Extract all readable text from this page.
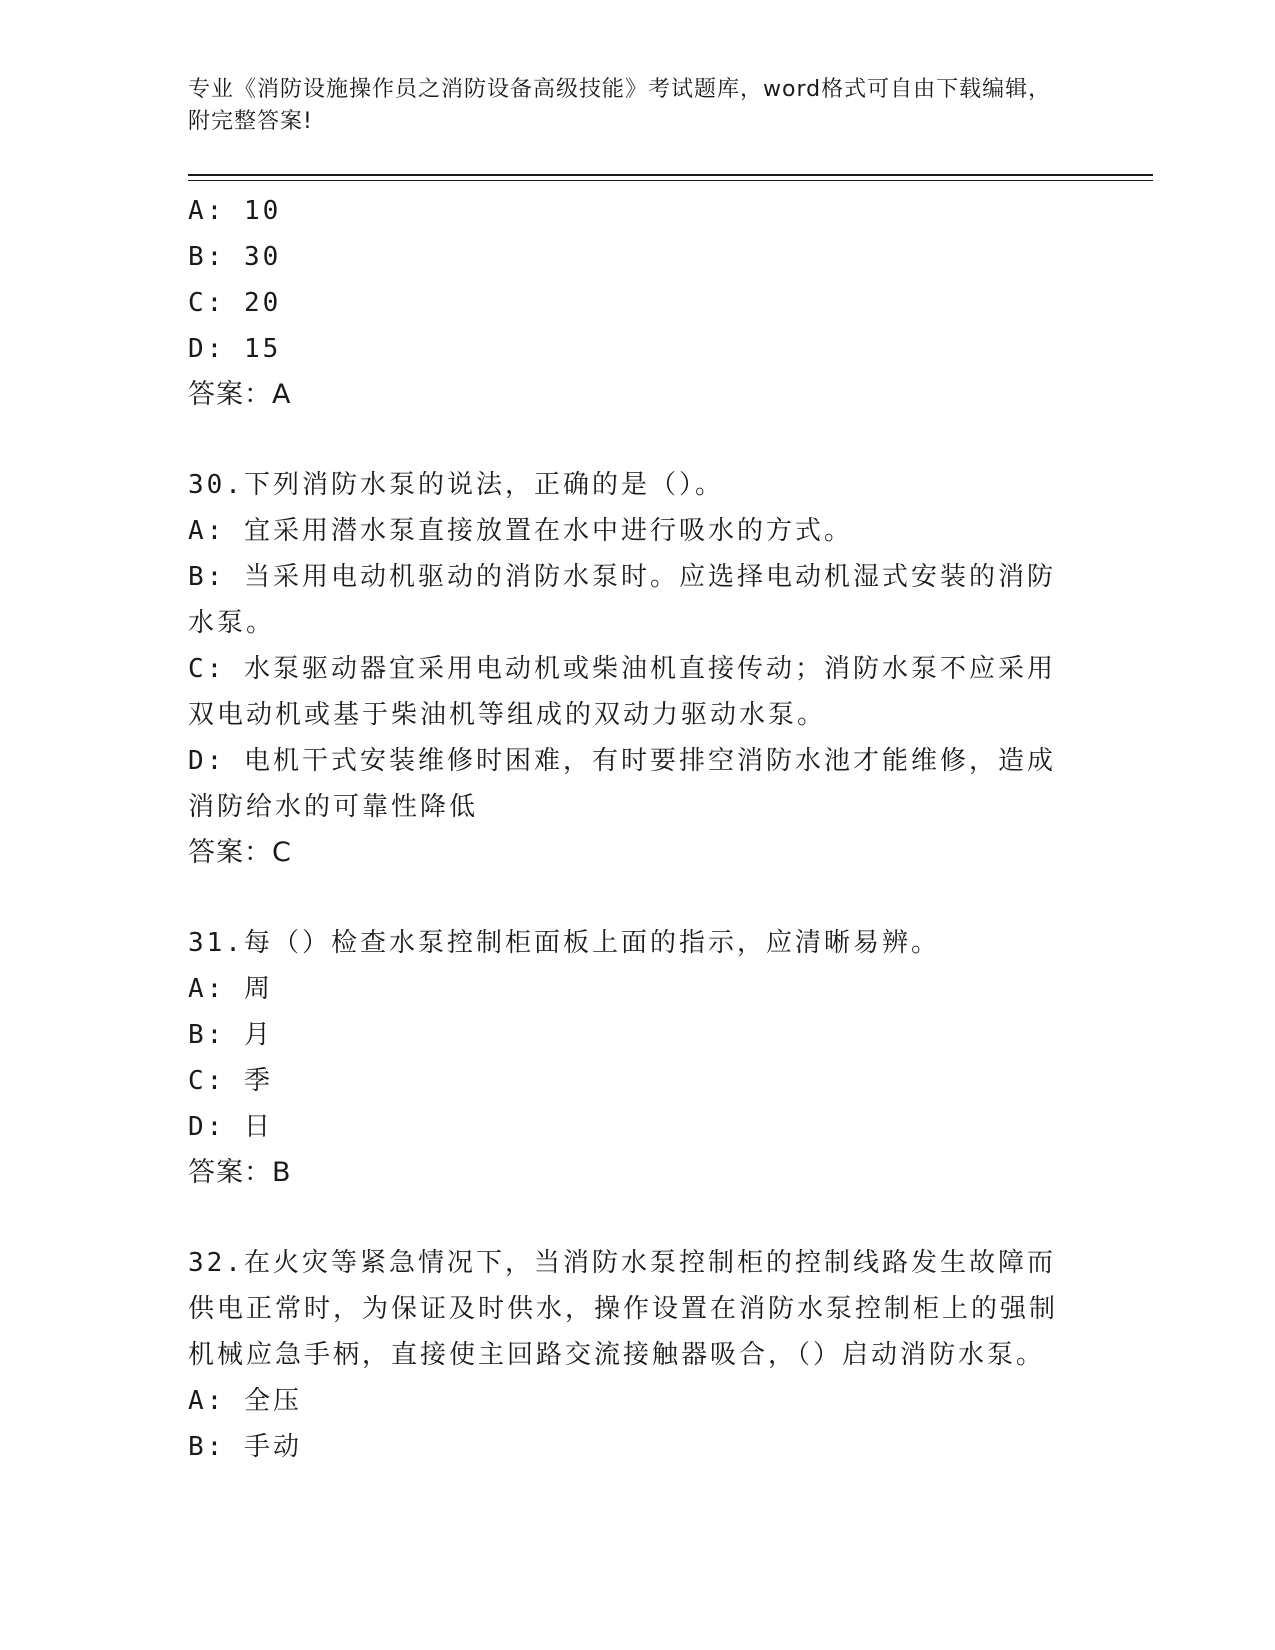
专业《消防设施操作员之消防设备高级技能》考试题库，word格式可自由下载编辑，附完整答案!
A: 10
B: 30
C: 20
D: 15
答案：A
30.下列消防水泵的说法，正确的是（）。
A: 宜采用潜水泵直接放置在水中进行吸水的方式。
B: 当采用电动机驱动的消防水泵时。应选择电动机湿式安装的消防水泵。
C: 水泵驱动器宜采用电动机或柴油机直接传动；消防水泵不应采用双电动机或基于柴油机等组成的双动力驱动水泵。
D: 电机干式安装维修时困难，有时要排空消防水池才能维修，造成消防给水的可靠性降低
答案：C
31.每（）检查水泵控制柜面板上面的指示，应清晰易辨。
A: 周
B: 月
C: 季
D: 日
答案：B
32.在火灾等紧急情况下，当消防水泵控制柜的控制线路发生故障而供电正常时，为保证及时供水，操作设置在消防水泵控制柜上的强制机械应急手柄，直接使主回路交流接触器吸合，（）启动消防水泵。
A: 全压
B: 手动
